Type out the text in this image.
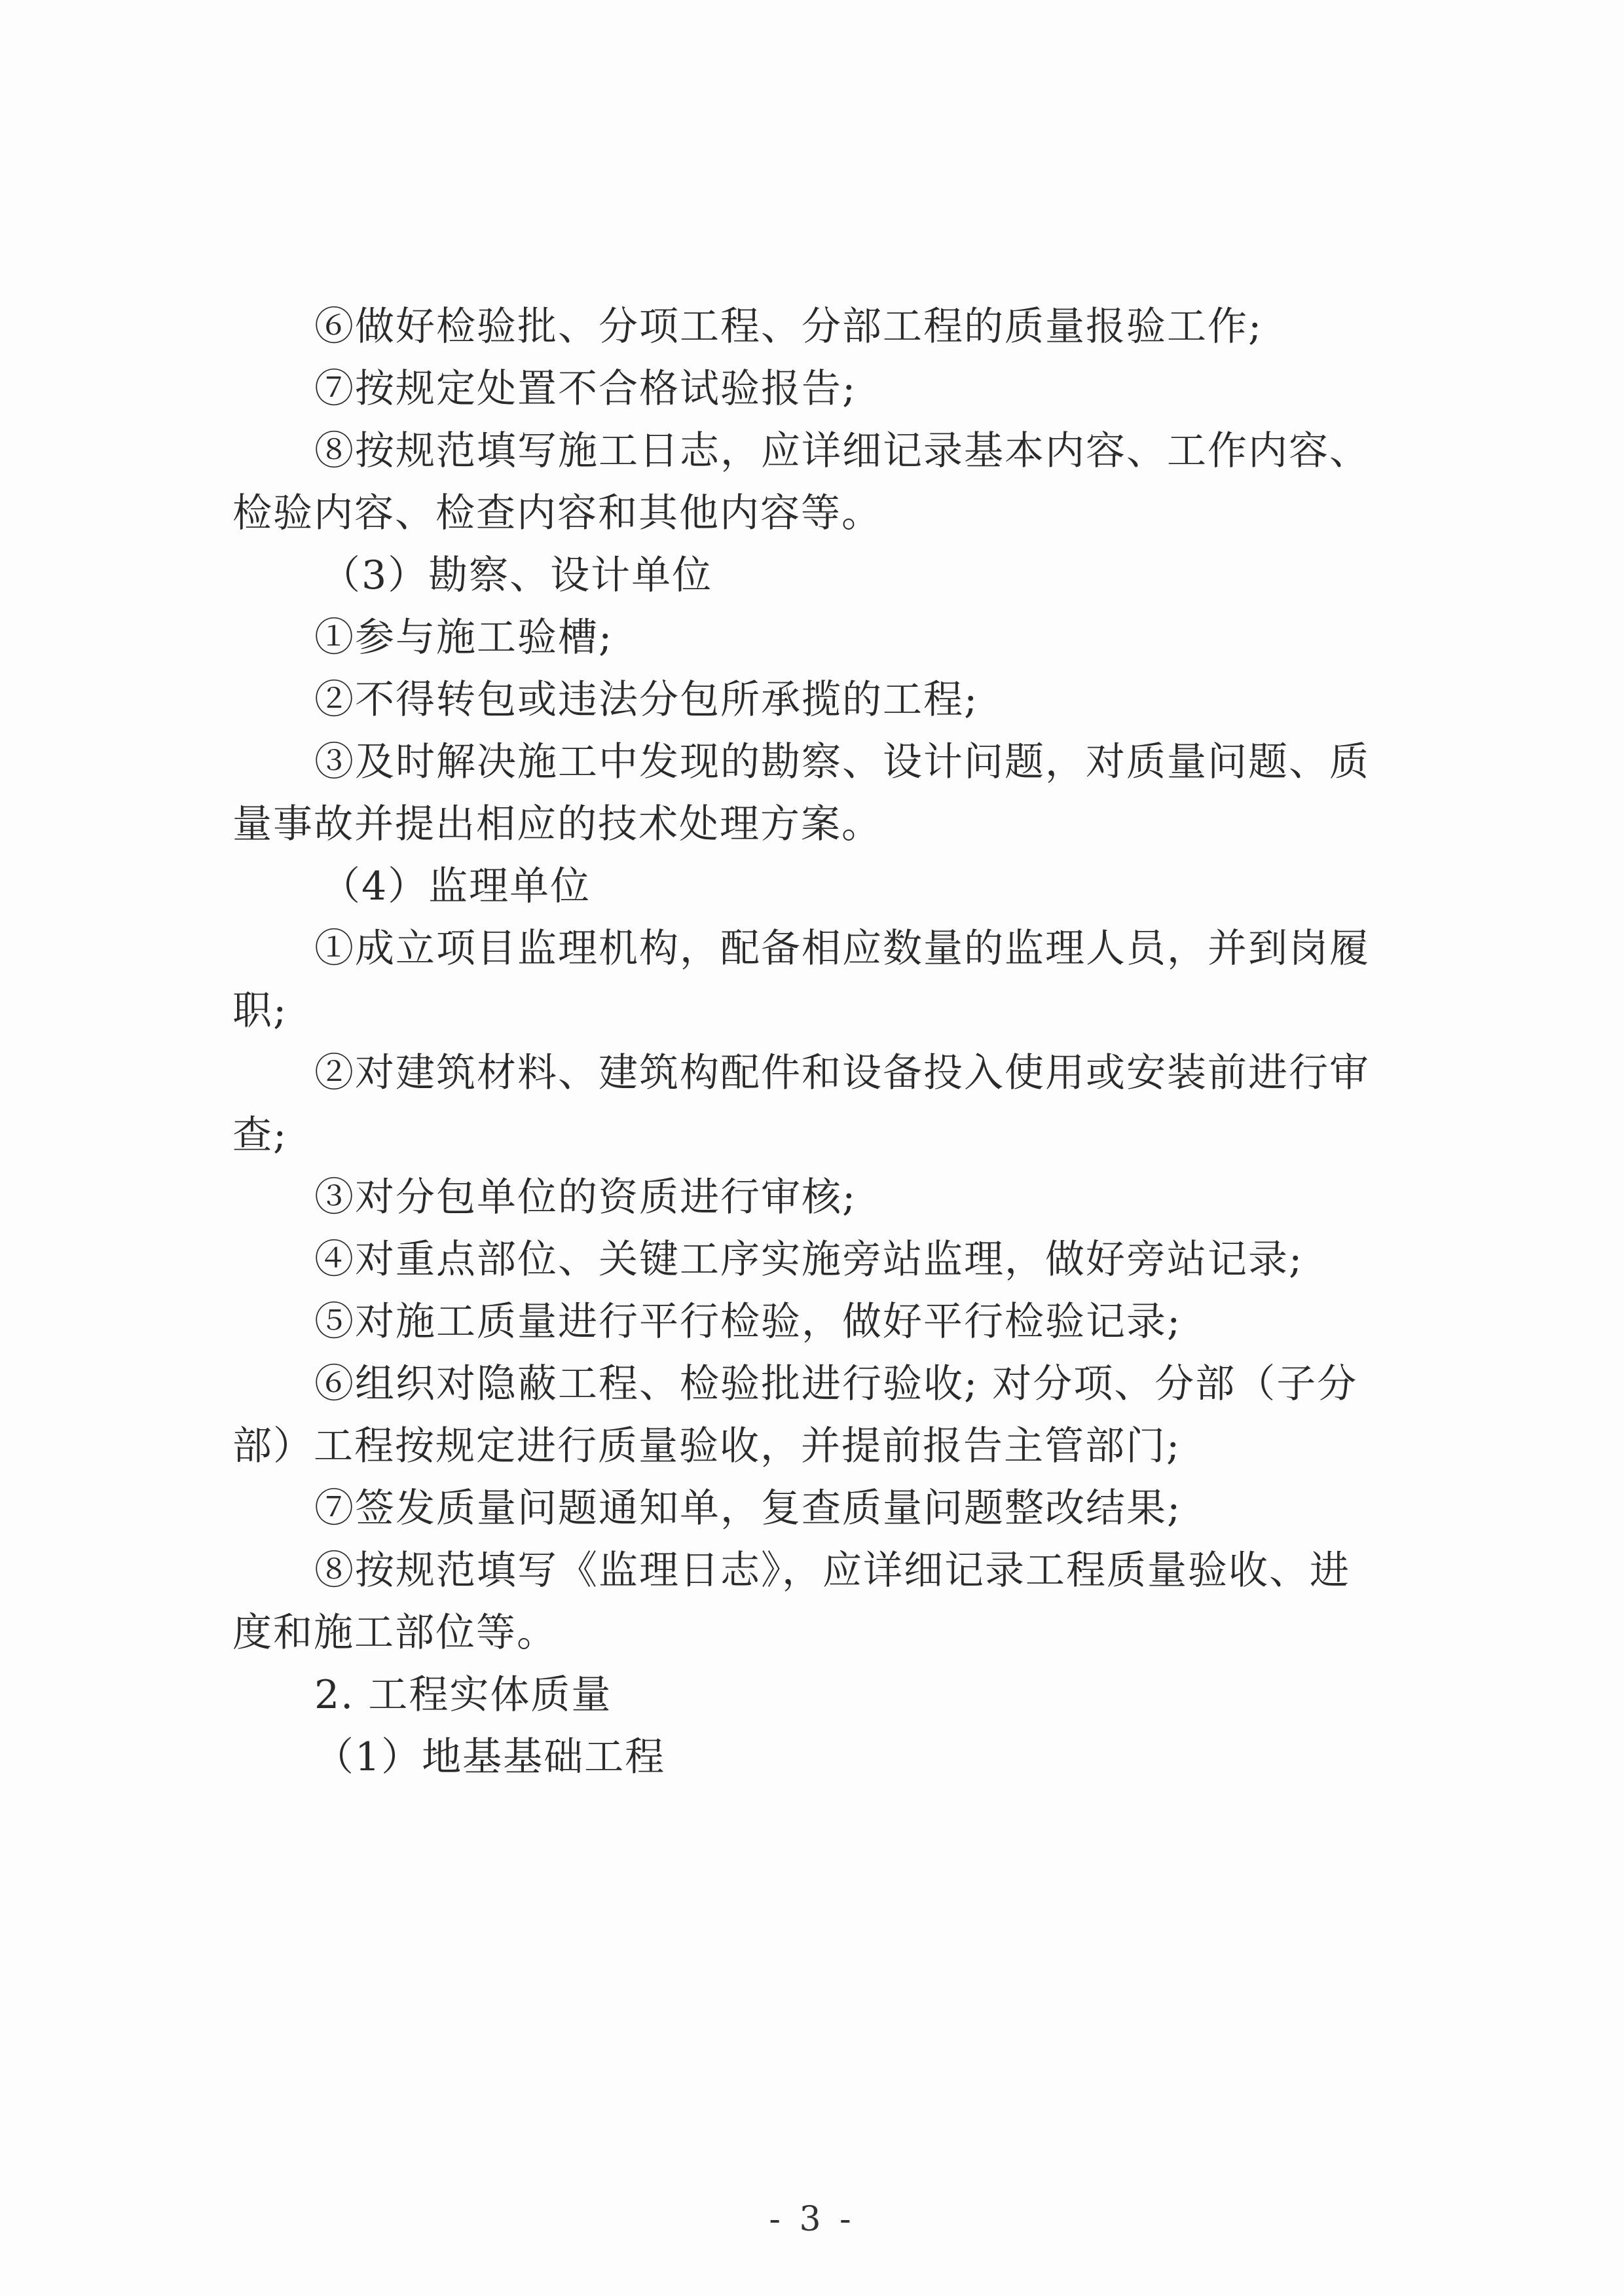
⑥做好检验批、分项工程、分部工程的质量报验工作;
⑦按规定处置不合格试验报告;
⑧按规范填写施工日志，应详细记录基本内容、工作内容、
检验内容、检查内容和其他内容等。
（3）勘察、设计单位
①参与施工验槽;
②不得转包或违法分包所承揽的工程;
③及时解决施工中发现的勘察、设计问题，对质量问题、质
量事故并提出相应的技术处理方案。
（4）监理单位
①成立项目监理机构，配备相应数量的监理人员，并到岗履
职;
②对建筑材料、建筑构配件和设备投入使用或安装前进行审
查;
③对分包单位的资质进行审核;
④对重点部位、关键工序实施旁站监理，做好旁站记录;
⑤对施工质量进行平行检验，做好平行检验记录;
⑥组织对隐蔽工程、检验批进行验收; 对分项、分部（子分
部）工程按规定进行质量验收，并提前报告主管部门;
⑦签发质量问题通知单，复查质量问题整改结果;
⑧按规范填写《监理日志》，应详细记录工程质量验收、进
度和施工部位等。
2. 工程实体质量
（1）地基基础工程
- 3 -
